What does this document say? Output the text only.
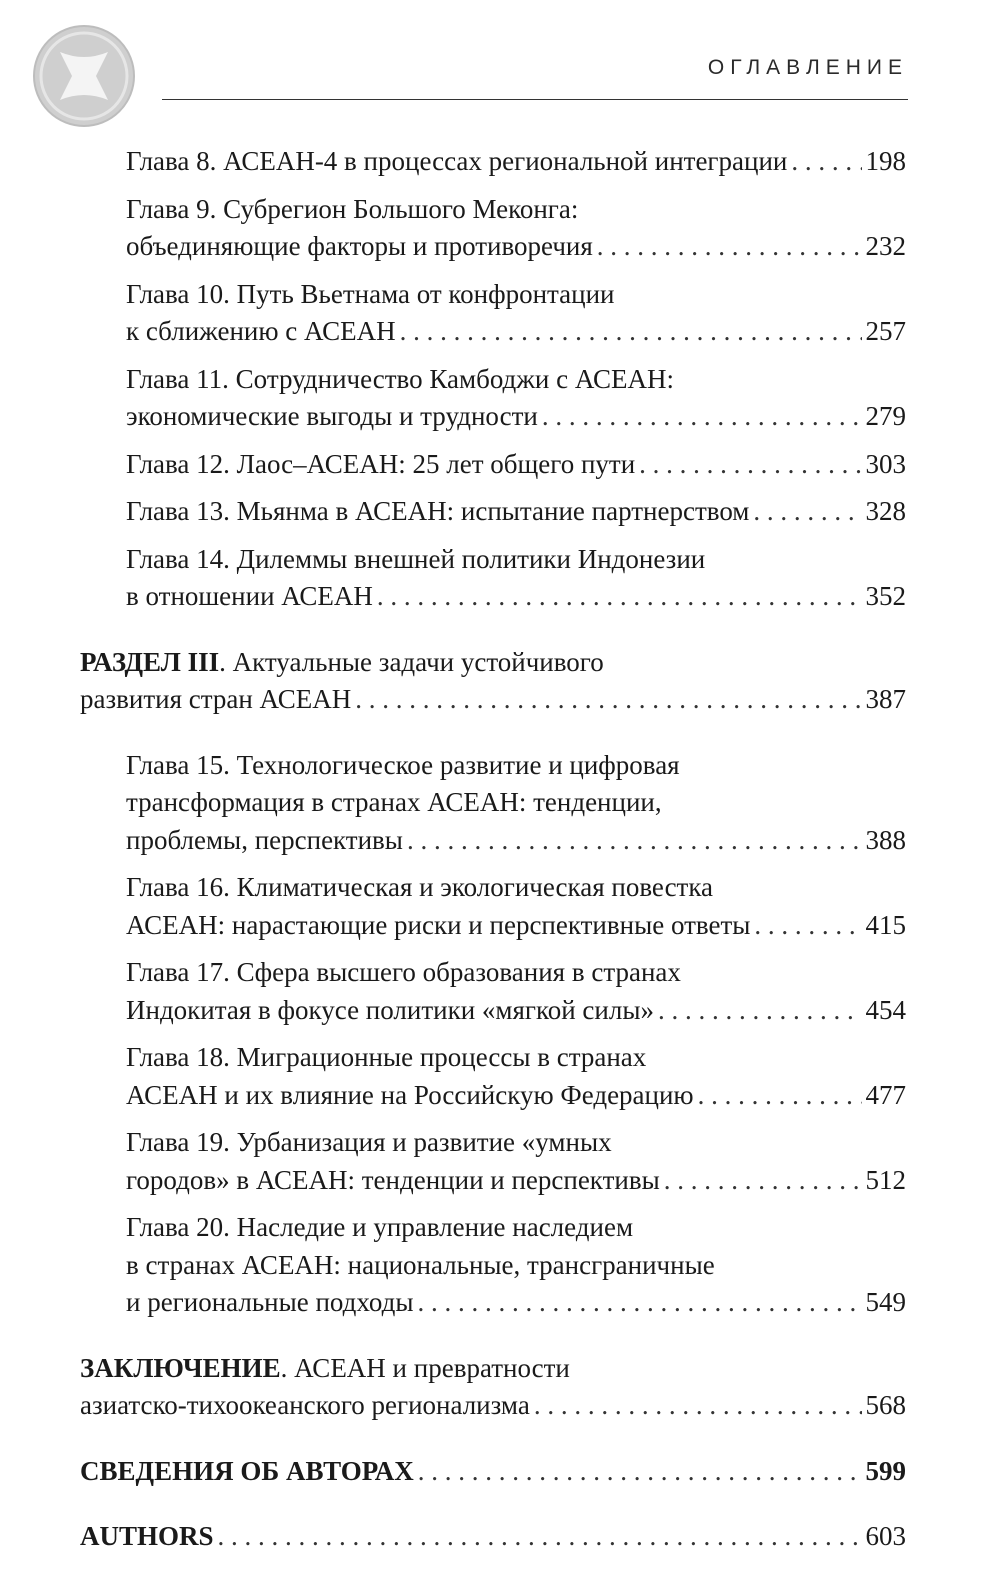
ОГЛАВЛЕНИЕ
Глава 8. АСЕАН-4 в процессах региональной интеграции . . .	198
Глава 9. Субрегион Большого Меконга:
объединяющие факторы и противоречия . . .	232
Глава 10. Путь Вьетнама от конфронтации
к сближению с АСЕАН . . .	257
Глава 11. Сотрудничество Камбоджи с АСЕАН:
экономические выгоды и трудности . . .	279
Глава 12. Лаос–АСЕАН: 25 лет общего пути . . .	303
Глава 13. Мьянма в АСЕАН: испытание партнерством . . .	328
Глава 14. Дилеммы внешней политики Индонезии
в отношении АСЕАН . . .	352
РАЗДЕЛ III. Актуальные задачи устойчивого
развития стран АСЕАН . . .	387
Глава 15. Технологическое развитие и цифровая
трансформация в странах АСЕАН: тенденции,
проблемы, перспективы . . .	388
Глава 16. Климатическая и экологическая повестка
АСЕАН: нарастающие риски и перспективные ответы . . .	415
Глава 17. Сфера высшего образования в странах
Индокитая в фокусе политики «мягкой силы» . . .	454
Глава 18. Миграционные процессы в странах
АСЕАН и их влияние на Российскую Федерацию . . .	477
Глава 19. Урбанизация и развитие «умных
городов» в АСЕАН: тенденции и перспективы . . .	512
Глава 20. Наследие и управление наследием
в странах АСЕАН: национальные, трансграничные
и региональные подходы . . .	549
ЗАКЛЮЧЕНИЕ. АСЕАН и превратности
азиатско-тихоокеанского регионализма . . .	568
СВЕДЕНИЯ ОБ АВТОРАХ . . .	599
AUTHORS . . .	603
